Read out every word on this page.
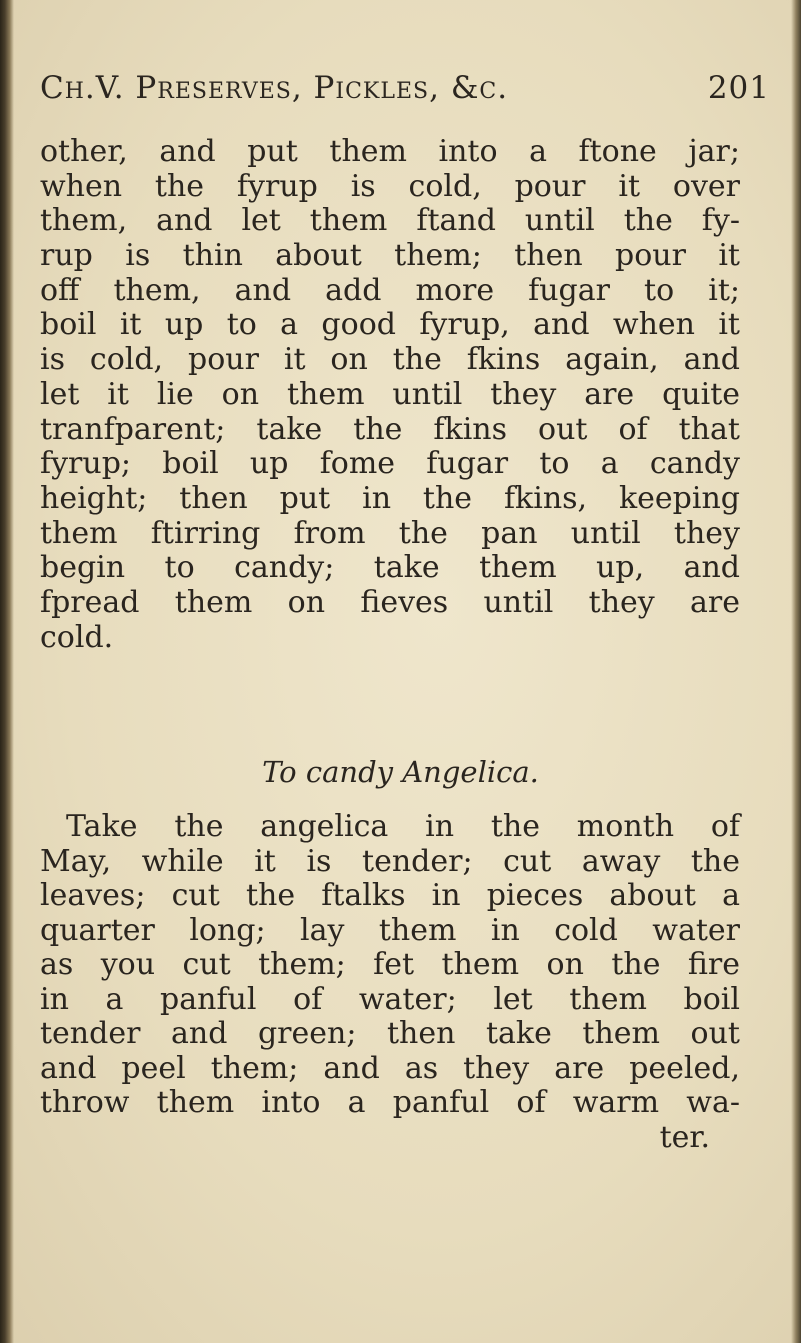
Ch.V. Preserves, Pickles, &c.	201
other, and put them into a ftone jar;
when the fyrup is cold, pour it over
them, and let them ftand until the fy-
rup is thin about them; then pour it
off them, and add more fugar to it;
boil it up to a good fyrup, and when it
is cold, pour it on the fkins again, and
let it lie on them until they are quite
tranfparent; take the fkins out of that
fyrup; boil up fome fugar to a candy
height; then put in the fkins, keeping
them ftirring from the pan until they
begin to candy; take them up, and
fpread them on fieves until they are
cold.
To candy Angelica.
Take the angelica in the month of
May, while it is tender; cut away the
leaves; cut the ftalks in pieces about a
quarter long; lay them in cold water
as you cut them; fet them on the fire
in a panful of water; let them boil
tender and green; then take them out
and peel them; and as they are peeled,
throw them into a panful of warm wa-
ter.
